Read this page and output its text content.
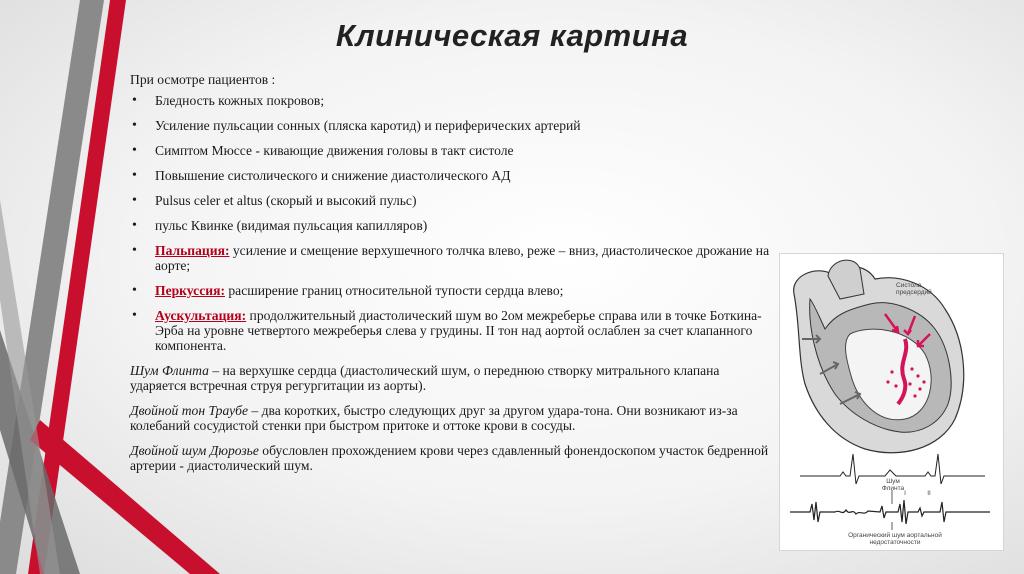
Клиническая картина
При осмотре пациентов :
• Бледность кожных покровов;
• Усиление пульсации сонных (пляска каротид) и периферических артерий
• Симптом Мюссе - кивающие движения головы в такт систоле
• Повышение систолического и снижение диастолического АД
• Pulsus celer et altus (скорый и высокий пульс)
• пульс Квинке (видимая пульсация капилляров)
• Пальпация: усиление и смещение верхушечного толчка влево, реже – вниз, диастолическое дрожание на аорте;
• Перкуссия: расширение границ относительной тупости сердца влево;
• Аускультация: продолжительный диастолический шум во 2ом межреберье справа или в точке Боткина-Эрба на уровне четвертого межреберья слева у грудины. II тон над аортой ослаблен за счет клапанного компонента.

Шум Флинта – на верхушке сердца (диастолический шум, о переднюю створку митрального клапана ударяется встречная струя регургитации из аорты).

Двойной тон Траубе – два коротких, быстро следующих друг за другом удара-тона. Они возникают из-за колебаний сосудистой стенки при быстром притоке и оттоке крови в сосуды.

Двойной шум Дюрозье обусловлен прохождением крови через сдавленный фонендоскопом участок бедренной артерии - диастолический шум.

Систола предсердий
Шум Флинта
I	II
Органический шум аортальной недостаточности
